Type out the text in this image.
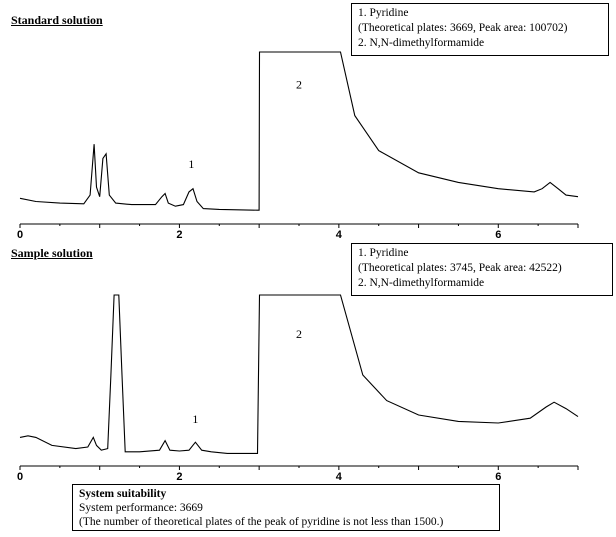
Standard solution
Sample solution
0	2	4	6
1
2
0	2	4	6
1
2
1. Pyridine
(Theoretical plates: 3669, Peak area: 100702)
2. N,N-dimethylformamide
1. Pyridine
(Theoretical plates: 3745, Peak area: 42522)
2. N,N-dimethylformamide
System suitability
System performance: 3669
(The number of theoretical plates of the peak of pyridine is not less than 1500.)
